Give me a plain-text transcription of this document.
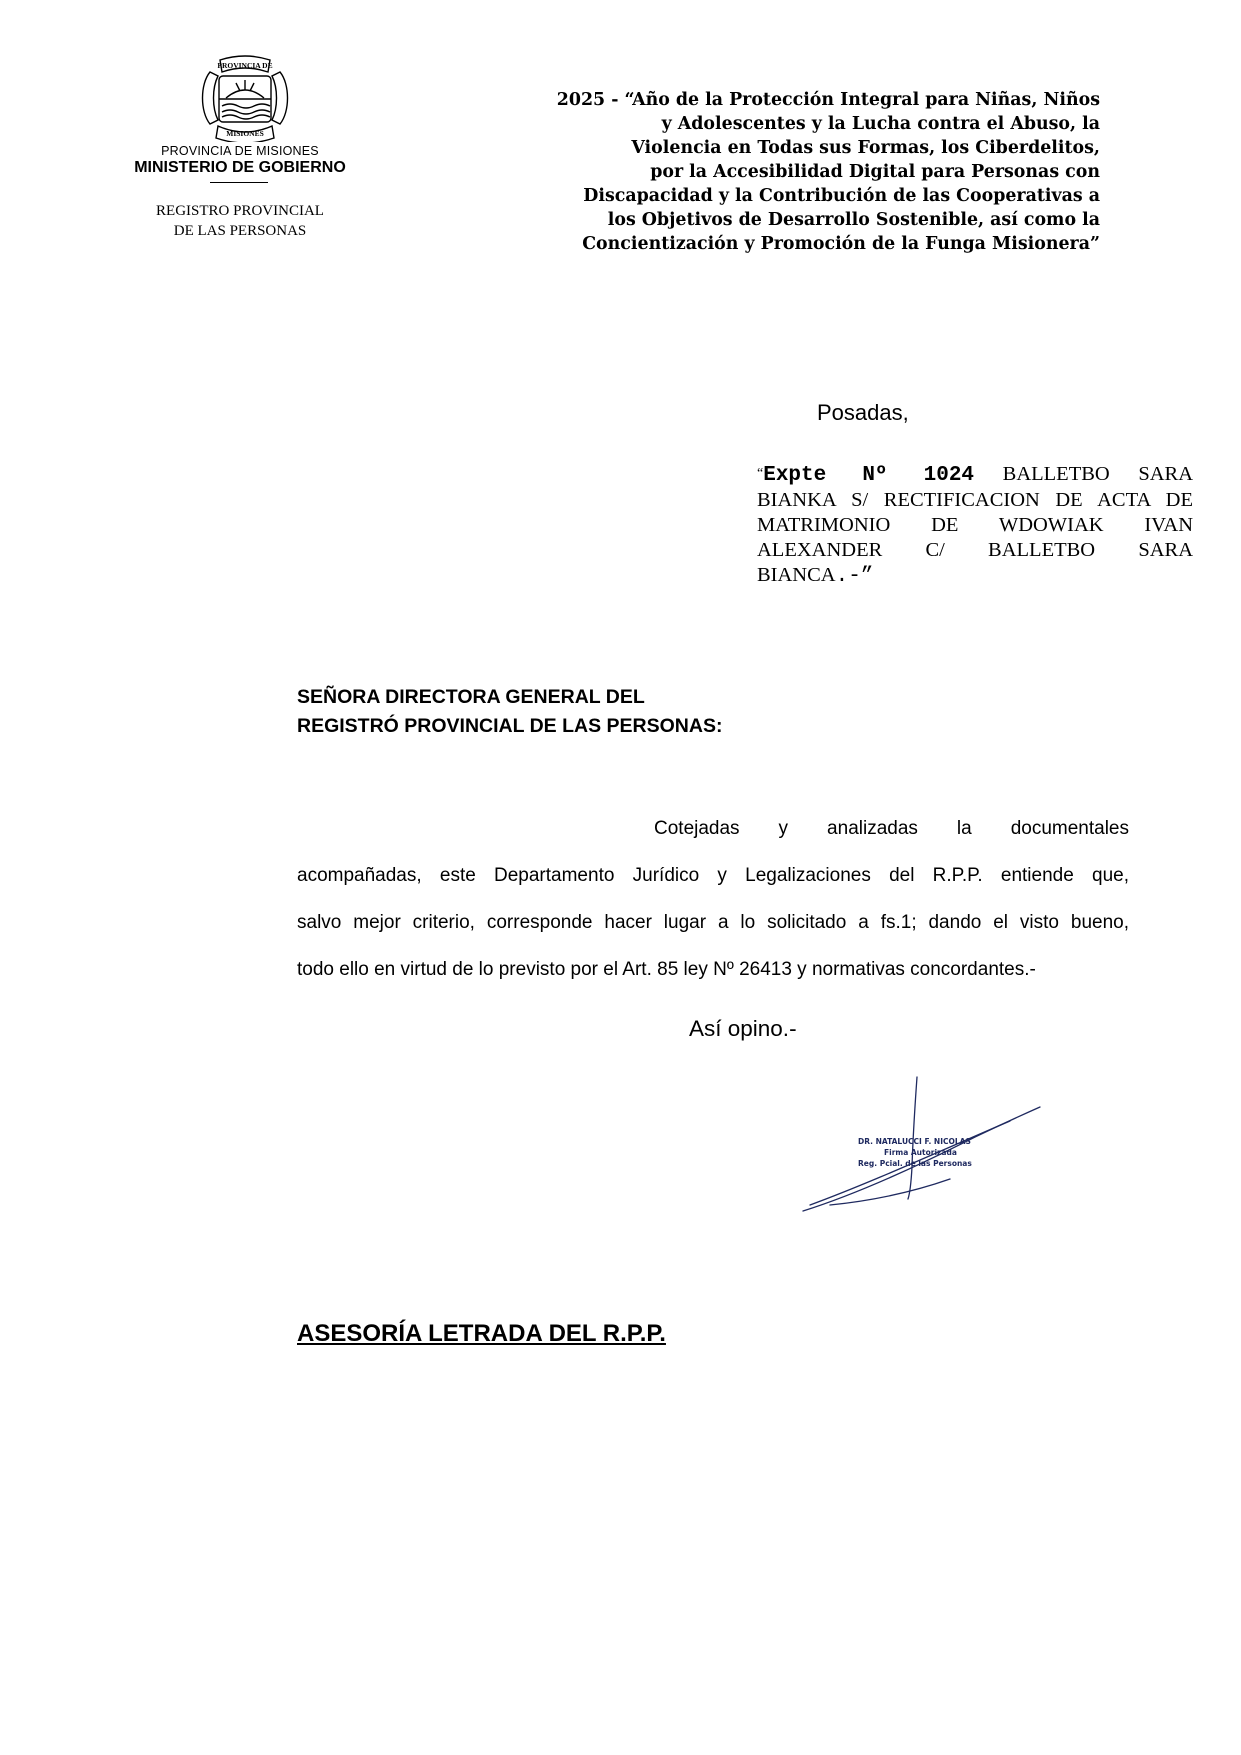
PROVINCIA DE
MISIONES
PROVINCIA DE MISIONES
MINISTERIO DE GOBIERNO
REGISTRO PROVINCIAL
DE LAS PERSONAS
2025 - “Año de la Protección Integral para Niñas, Niños
y Adolescentes y la Lucha contra el Abuso, la
Violencia en Todas sus Formas, los Ciberdelitos,
por la Accesibilidad Digital para Personas con
Discapacidad y la Contribución de las Cooperativas a
los Objetivos de Desarrollo Sostenible, así como la
Concientización y Promoción de la Funga Misionera”
Posadas,

“Expte Nº 1024 BALLETBO SARA

BIANKA S/ RECTIFICACION DE ACTA DE

MATRIMONIO DE WDOWIAK IVAN

ALEXANDER C/ BALLETBO SARA

BIANCA.-”

SEÑORA DIRECTORA GENERAL DEL
REGISTRÓ PROVINCIAL DE LAS PERSONAS:

Cotejadas y analizadas la documentales

acompañadas, este Departamento Jurídico y Legalizaciones del R.P.P. entiende que,

salvo mejor criterio, corresponde hacer lugar a lo solicitado a fs.1; dando el visto bueno,

todo ello en virtud de lo previsto por el Art. 85 ley Nº 26413 y normativas concordantes.-

Así opino.-
DR. NATALUCCI F. NICOLAS
Firma Autorizada
Reg. Pcial. de las Personas
ASESORÍA LETRADA DEL R.P.P.
